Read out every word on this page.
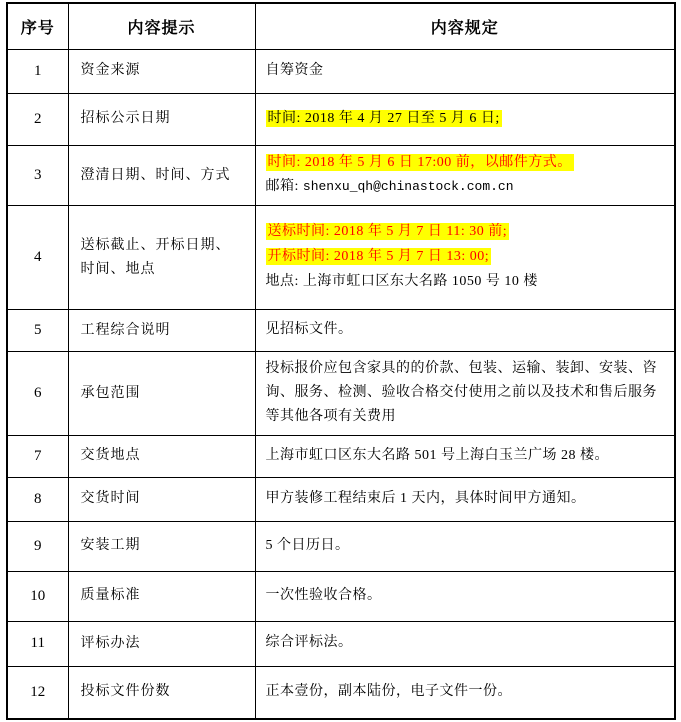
序号	内容提示	内容规定
1	资金来源	自筹资金

2	招标公示日期	时间: 2018 年 4 月 27 日至 5 月 6 日;

3	澄清日期、时间、方式	时间: 2018 年 5 月 6 日 17:00 前，以邮件方式。
邮箱: shenxu_qh@chinastock.com.cn

4	送标截止、开标日期、时间、地点	送标时间: 2018 年 5 月 7 日 11: 30 前;
开标时间: 2018 年 5 月 7 日 13: 00;
地点: 上海市虹口区东大名路 1050 号 10 楼

5	工程综合说明	见招标文件。

6	承包范围	投标报价应包含家具的的价款、包装、运输、装卸、安装、咨询、服务、检测、验收合格交付使用之前以及技术和售后服务等其他各项有关费用

7	交货地点	上海市虹口区东大名路 501 号上海白玉兰广场 28 楼。

8	交货时间	甲方装修工程结束后 1 天内，具体时间甲方通知。

9	安装工期	5 个日历日。

10	质量标准	一次性验收合格。

11	评标办法	综合评标法。

12	投标文件份数	正本壹份，副本陆份，电子文件一份。
